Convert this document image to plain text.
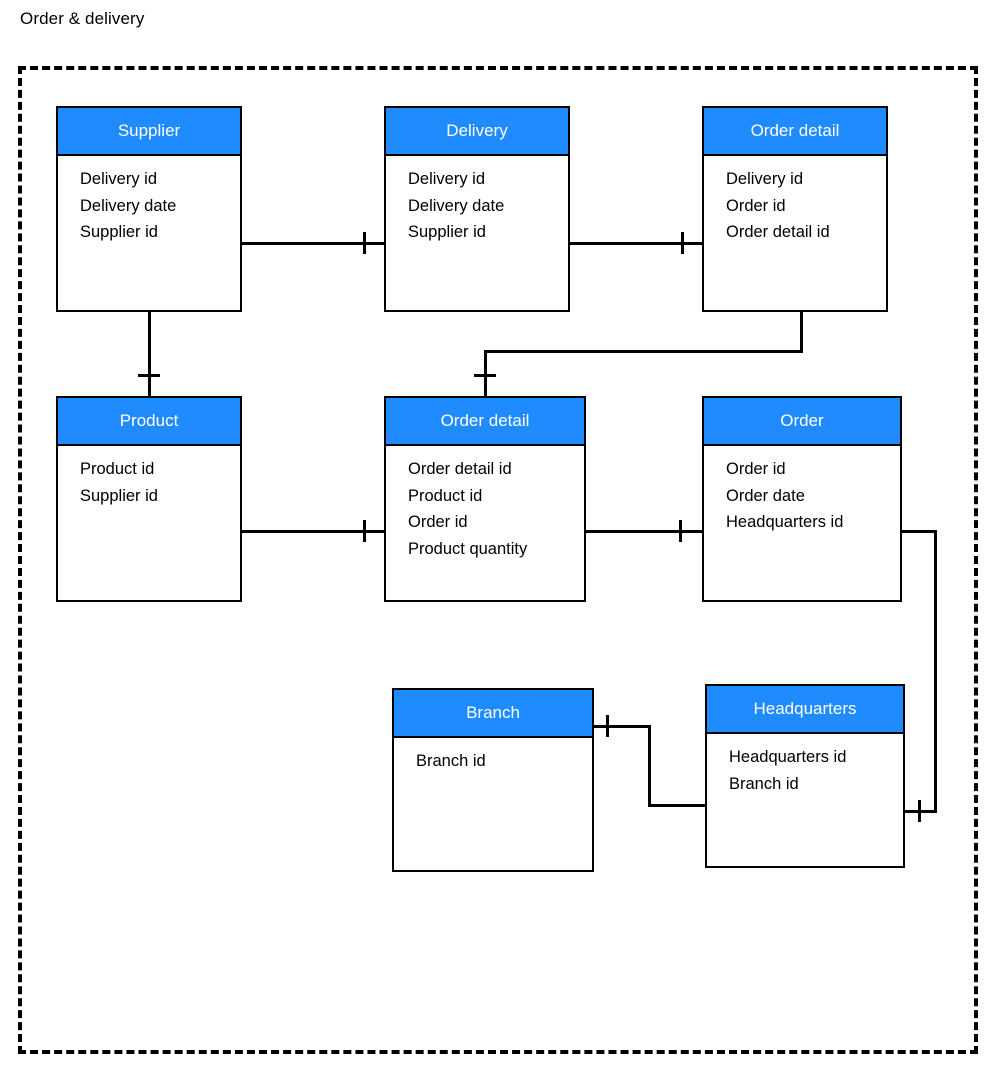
Order & delivery
Supplier
Delivery id
Delivery date
Supplier id
Delivery
Delivery id
Delivery date
Supplier id
Order detail
Delivery id
Order id
Order detail id
Product
Product id
Supplier id
Order detail
Order detail id
Product id
Order id
Product quantity
Order
Order id
Order date
Headquarters id
Branch
Branch id
Headquarters
Headquarters id
Branch id
